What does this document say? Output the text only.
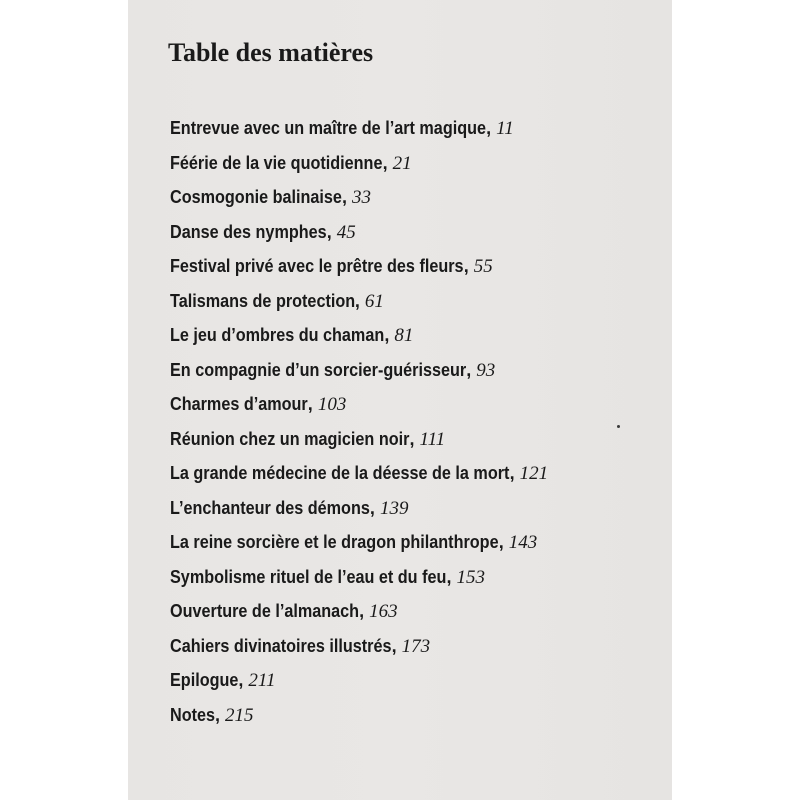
Table des matières
Entrevue avec un maître de l’art magique, 11
Féérie de la vie quotidienne, 21
Cosmogonie balinaise, 33
Danse des nymphes, 45
Festival privé avec le prêtre des fleurs, 55
Talismans de protection, 61
Le jeu d’ombres du chaman, 81
En compagnie d’un sorcier-guérisseur, 93
Charmes d’amour, 103
Réunion chez un magicien noir, 111
La grande médecine de la déesse de la mort, 121
L’enchanteur des démons, 139
La reine sorcière et le dragon philanthrope, 143
Symbolisme rituel de l’eau et du feu, 153
Ouverture de l’almanach, 163
Cahiers divinatoires illustrés, 173
Epilogue, 211
Notes, 215
